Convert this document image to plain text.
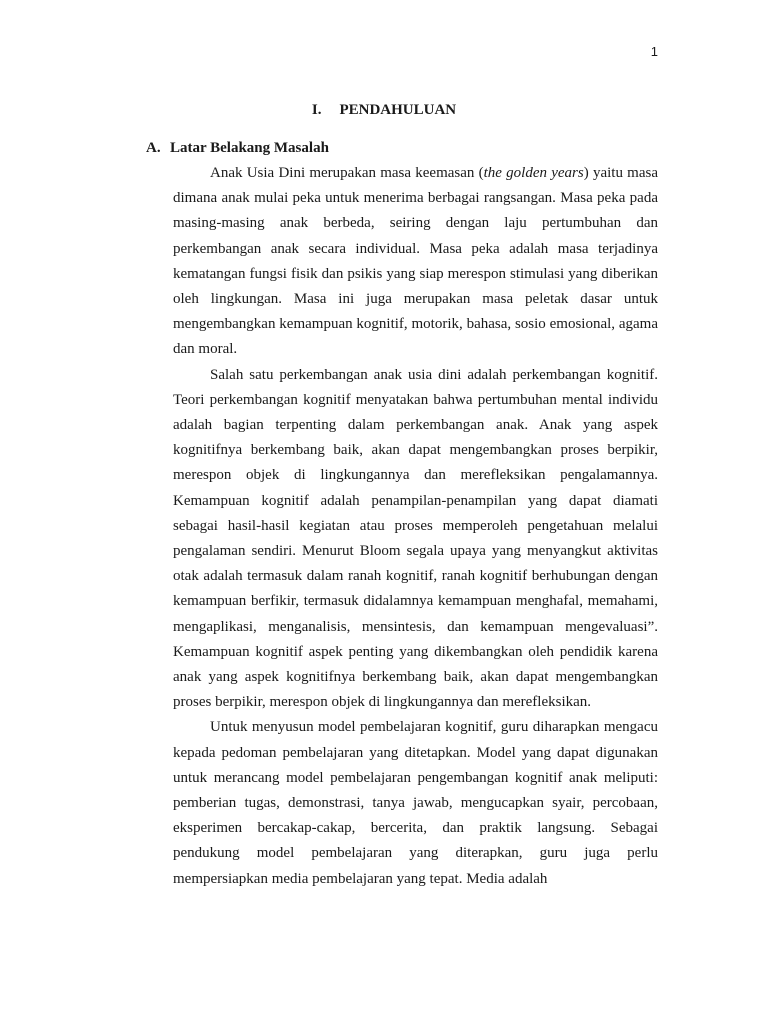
1
I. PENDAHULUAN
A. Latar Belakang Masalah

Anak Usia Dini merupakan masa keemasan (the golden years) yaitu masa dimana anak mulai peka untuk menerima berbagai rangsangan. Masa peka pada masing-masing anak berbeda, seiring dengan laju pertumbuhan dan perkembangan anak secara individual. Masa peka adalah masa terjadinya kematangan fungsi fisik dan psikis yang siap merespon stimulasi yang diberikan oleh lingkungan. Masa ini juga merupakan masa peletak dasar untuk mengembangkan kemampuan kognitif, motorik, bahasa, sosio emosional, agama dan moral.

Salah satu perkembangan anak usia dini adalah perkembangan kognitif. Teori perkembangan kognitif menyatakan bahwa pertumbuhan mental individu adalah bagian terpenting dalam perkembangan anak. Anak yang aspek kognitifnya berkembang baik, akan dapat mengembangkan proses berpikir, merespon objek di lingkungannya dan merefleksikan pengalamannya. Kemampuan kognitif adalah penampilan-penampilan yang dapat diamati sebagai hasil-hasil kegiatan atau proses memperoleh pengetahuan melalui pengalaman sendiri. Menurut Bloom segala upaya yang menyangkut aktivitas otak adalah termasuk dalam ranah kognitif, ranah kognitif berhubungan dengan kemampuan berfikir, termasuk didalamnya kemampuan menghafal, memahami, mengaplikasi, menganalisis, mensintesis, dan kemampuan mengevaluasi”. Kemampuan kognitif aspek penting yang dikembangkan oleh pendidik karena anak yang aspek kognitifnya berkembang baik, akan dapat mengembangkan proses berpikir, merespon objek di lingkungannya dan merefleksikan.

Untuk menyusun model pembelajaran kognitif, guru diharapkan mengacu kepada pedoman pembelajaran yang ditetapkan. Model yang dapat digunakan untuk merancang model pembelajaran pengembangan kognitif anak meliputi: pemberian tugas, demonstrasi, tanya jawab, mengucapkan syair, percobaan, eksperimen bercakap-cakap, bercerita, dan praktik langsung. Sebagai pendukung model pembelajaran yang diterapkan, guru juga perlu mempersiapkan media pembelajaran yang tepat. Media adalah
